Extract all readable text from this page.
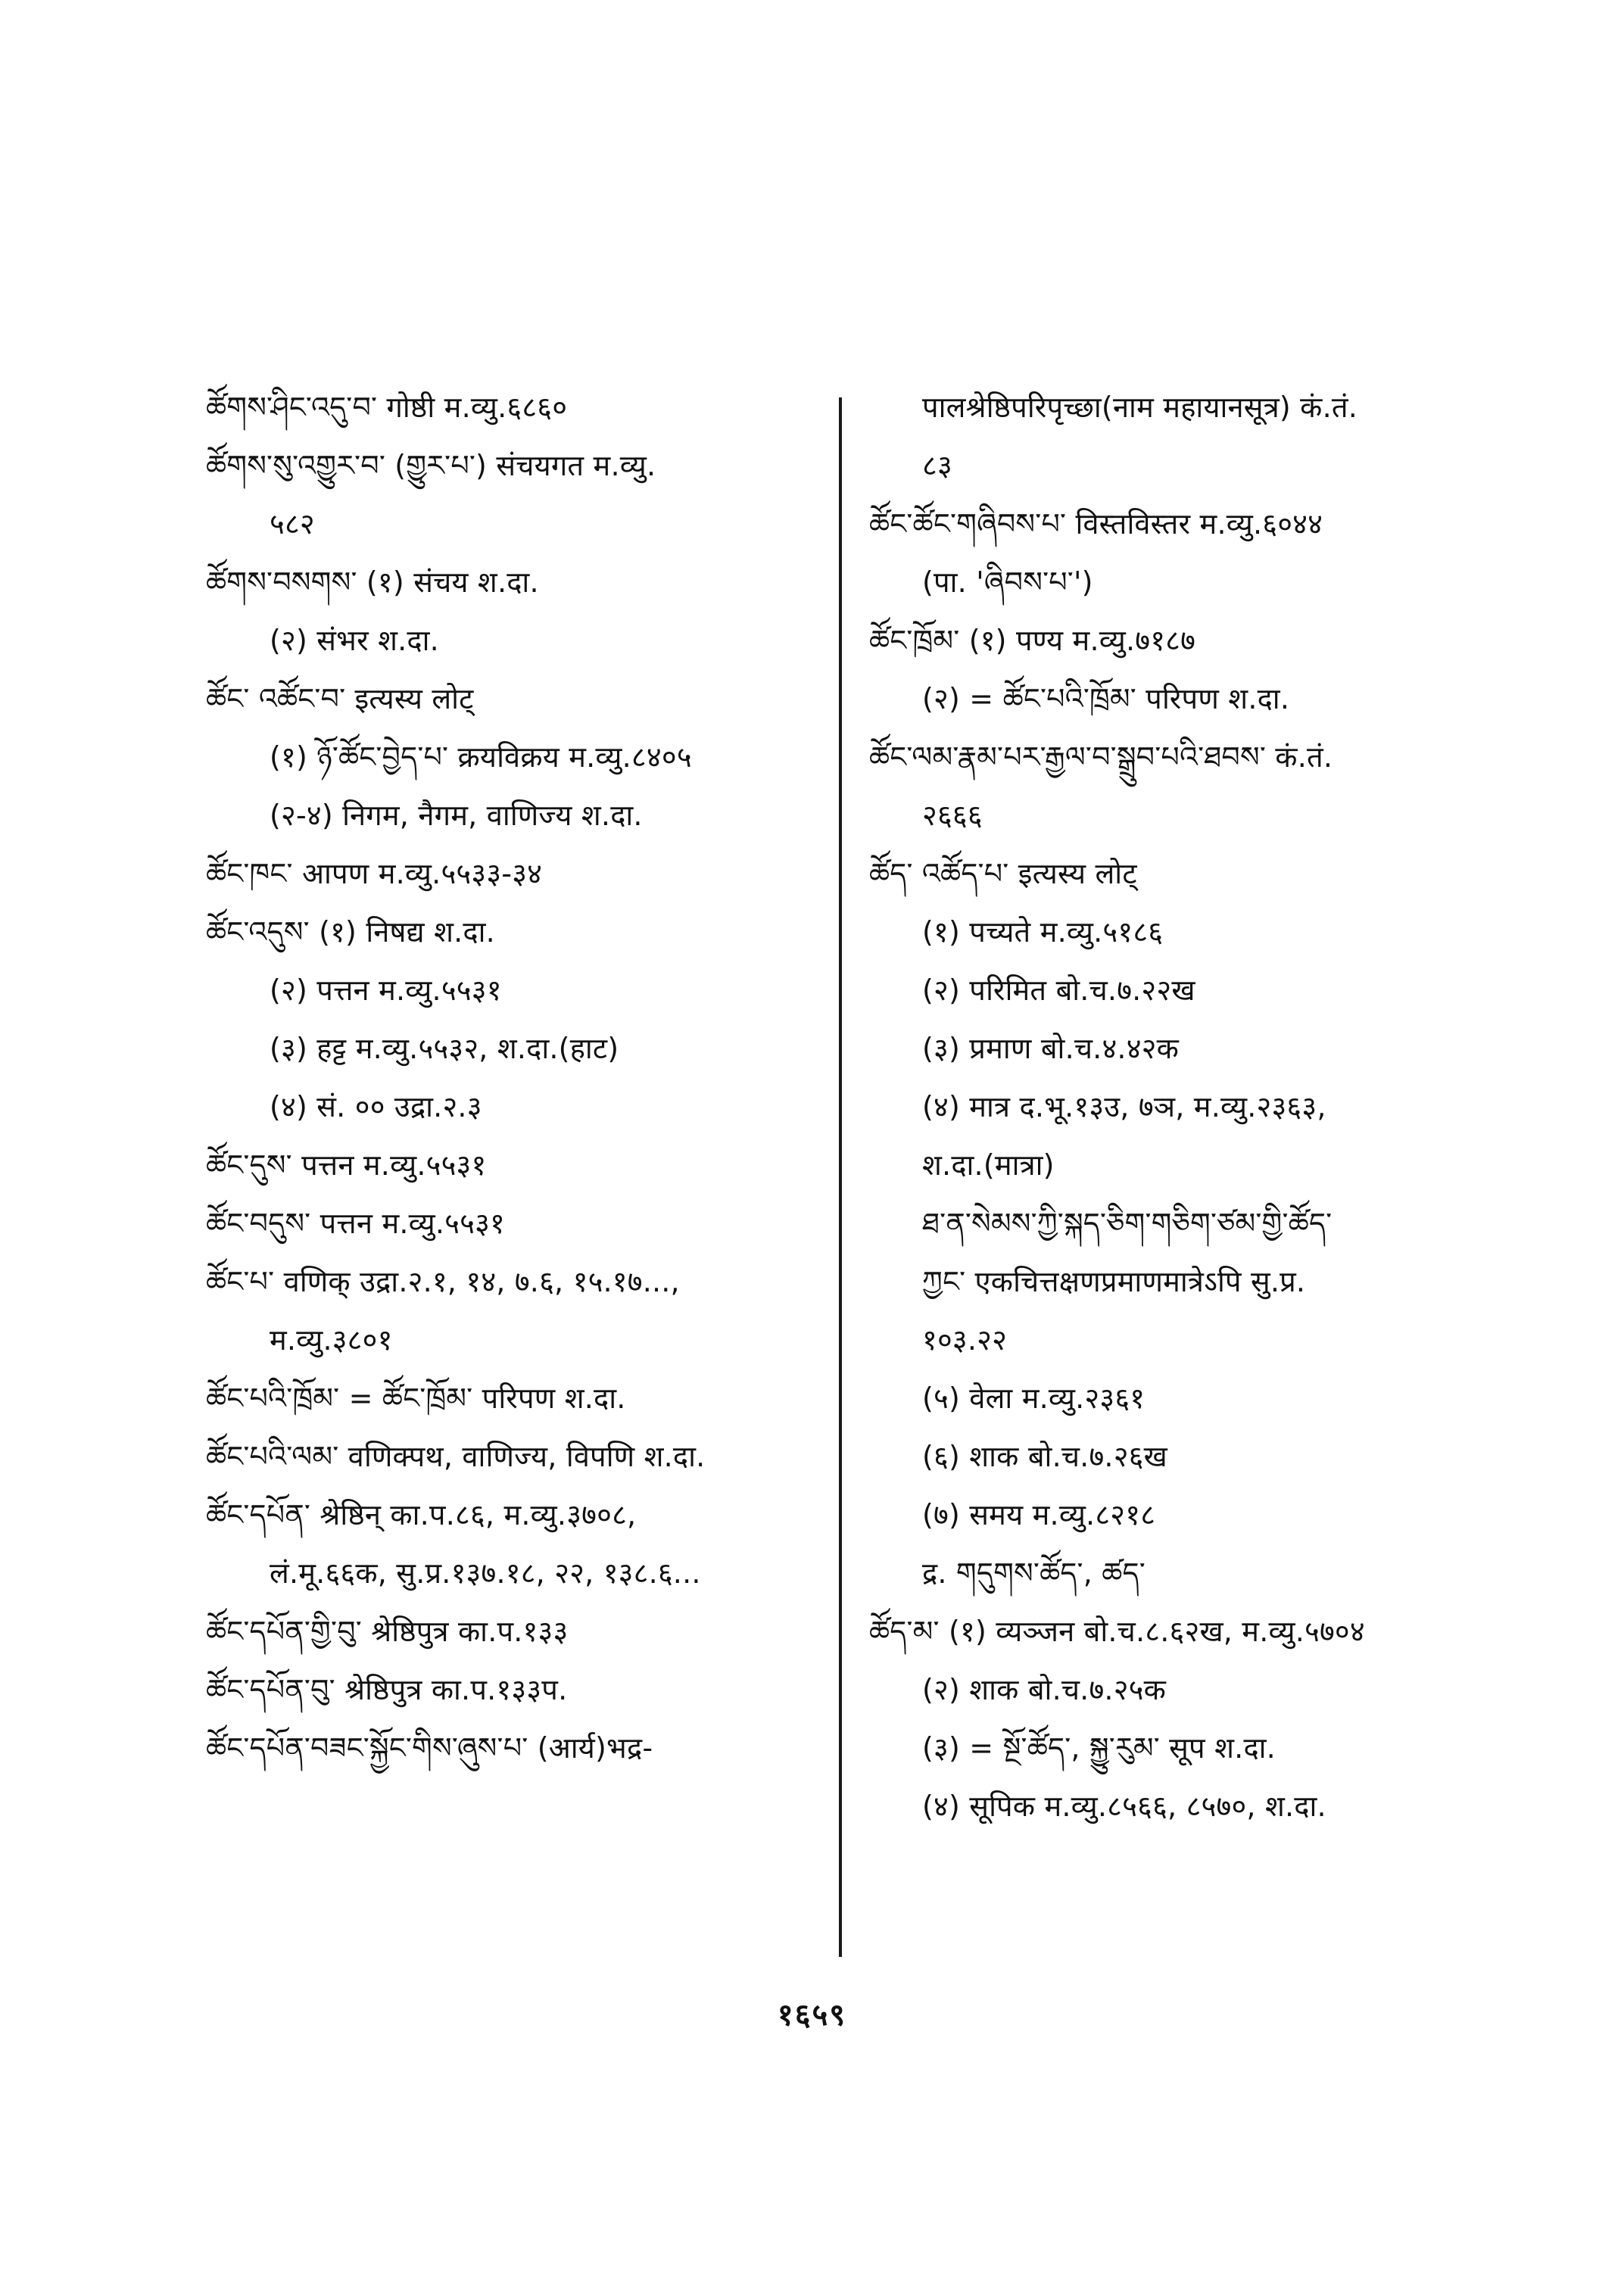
ཚོགས་ཤིང་འདུ་བ་ गोष्ठी म.व्यु.६८६०
ཚོགས་སུ་འགྱུར་བ་ (གྱུར་པ་) संचयगत म.व्यु.
५८२
ཚོགས་བསགས་ (१) संचय श.दा.
(२) संभर श.दा.
ཚོང་ འཚོང་བ་ इत्यस्य लोट्
(१) ཉོ་ཚོང་བྱེད་པ་ क्रयविक्रय म.व्यु.८४०५
(२-४) निगम, नैगम, वाणिज्य श.दा.
ཚོང་ཁང་ आपण म.व्यु.५५३३-३४
ཚོང་འདུས་ (१) निषद्य श.दा.
(२) पत्तन म.व्यु.५५३१
(३) हट्ट म.व्यु.५५३२, श.दा.(हाट)
(४) सं. ०० उद्रा.२.३
ཚོང་དུས་ पत्तन म.व्यु.५५३१
ཚོང་བདུས་ पत्तन म.व्यु.५५३१
ཚོང་པ་ वणिक् उद्रा.२.१, १४, ७.६, १५.१७...,
म.व्यु.३८०१
ཚོང་པའི་ཁྲོམ་ = ཚོང་ཁྲོམ་ परिपण श.दा.
ཚོང་པའི་ལམ་ वणिक्पथ, वाणिज्य, विपणि श.दा.
ཚོང་དཔོན་ श्रेष्ठिन् का.प.८६, म.व्यु.३७०८,
लं.मू.६६क, सु.प्र.१३७.१८, २२, १३८.६...
ཚོང་དཔོན་གྱི་བུ་ श्रेष्ठिपुत्र का.प.१३३
ཚོང་དཔོན་བུ་ श्रेष्ठिपुत्र का.प.१३३प.
ཚོང་དཔོན་བཟང་སྐྱོང་གིས་ཞུས་པ་ (आर्य)भद्र-
पालश्रेष्ठिपरिपृच्छा(नाम महायानसूत्र) कं.तं.
८३
ཚོང་ཚོང་གཞིབས་པ་ विस्तविस्तर म.व्यु.६०४४
(पा. 'ཞིབས་པ་')
ཚོང་ཁྲོམ་ (१) पण्य म.व्यु.७१८७
(२) = ཚོང་པའི་ཁྲོམ་ परिपण श.दा.
ཚོང་ལམ་རྣམ་པར་རྒྱལ་བ་སྒྲུབ་པའི་ཐབས་ कं.तं.
२६६६
ཚོད་ འཚོད་པ་ इत्यस्य लोट्
(१) पच्यते म.व्यु.५१८६
(२) परिमित बो.च.७.२२ख
(३) प्रमाण बो.च.४.४२क
(४) मात्र द.भू.१३उ, ७ञ, म.व्यु.२३६३,
श.दा.(मात्रा)
ཐ་ན་སེམས་ཀྱི་སྐད་ཅིག་གཅིག་ཙམ་གྱི་ཚོད་
ཀྱང་ एकचित्तक्षणप्रमाणमात्रेऽपि सु.प्र.
१०३.२२
(५) वेला म.व्यु.२३६१
(६) शाक बो.च.७.२६ख
(७) समय म.व्यु.८२१८
द्र. གདུགས་ཚོད་, ཚད་
ཚོད་མ་ (१) व्यञ्जन बो.च.८.६२ख, म.व्यु.५७०४
(२) शाक बो.च.७.२५क
(३) = སྔོ་ཚོད་, སྐྱུ་རུམ་ सूप श.दा.
(४) सूपिक म.व्यु.८५६६, ८५७०, श.दा.
१६५९
